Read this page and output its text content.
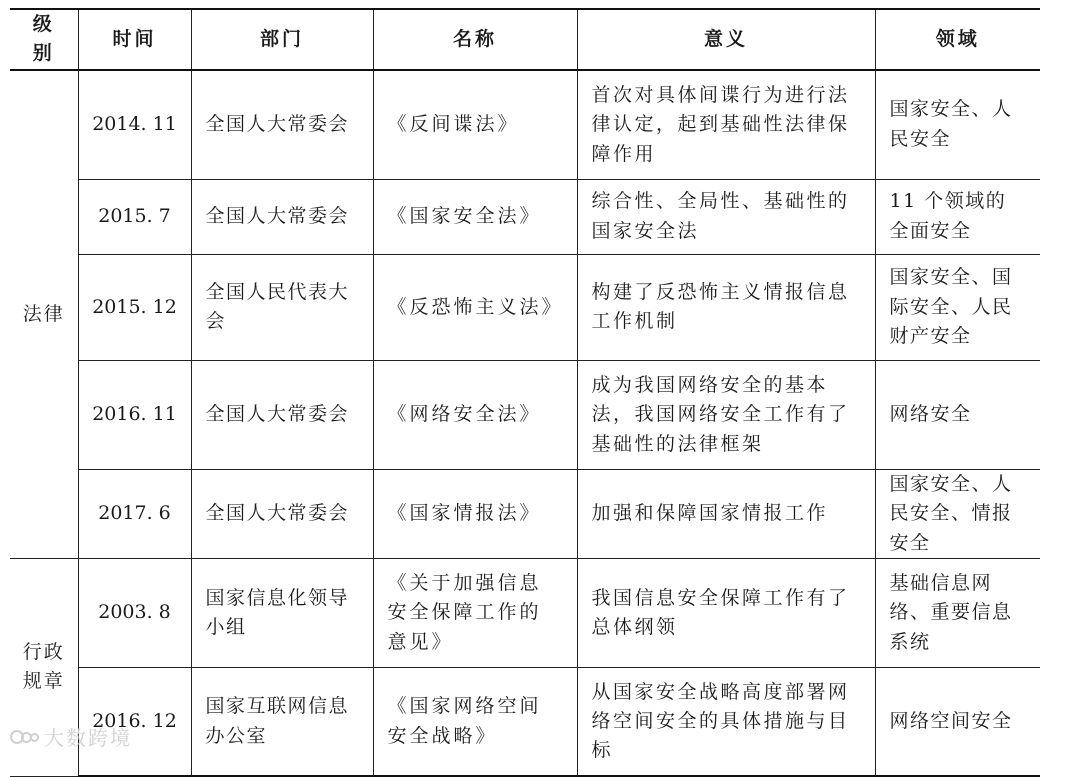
级别	时间	部门	名称	意义	领域
法律	2014. 11	全国人大常委会	《反间谍法》	首次对具体间谍行为进行法律认定，起到基础性法律保障作用	国家安全、人民安全
	2015. 7	全国人大常委会	《国家安全法》	综合性、全局性、基础性的国家安全法	11 个领域的全面安全
	2015. 12	全国人民代表大会	《反恐怖主义法》	构建了反恐怖主义情报信息工作机制	国家安全、国际安全、人民财产安全
	2016. 11	全国人大常委会	《网络安全法》	成为我国网络安全的基本法，我国网络安全工作有了基础性的法律框架	网络安全
	2017. 6	全国人大常委会	《国家情报法》	加强和保障国家情报工作	国家安全、人民安全、情报安全
行政规章	2003. 8	国家信息化领导小组	《关于加强信息安全保障工作的意见》	我国信息安全保障工作有了总体纲领	基础信息网络、重要信息系统
	2016. 12	国家互联网信息办公室	《国家网络空间安全战略》	从国家安全战略高度部署网络空间安全的具体措施与目标	网络空间安全
大数跨境
